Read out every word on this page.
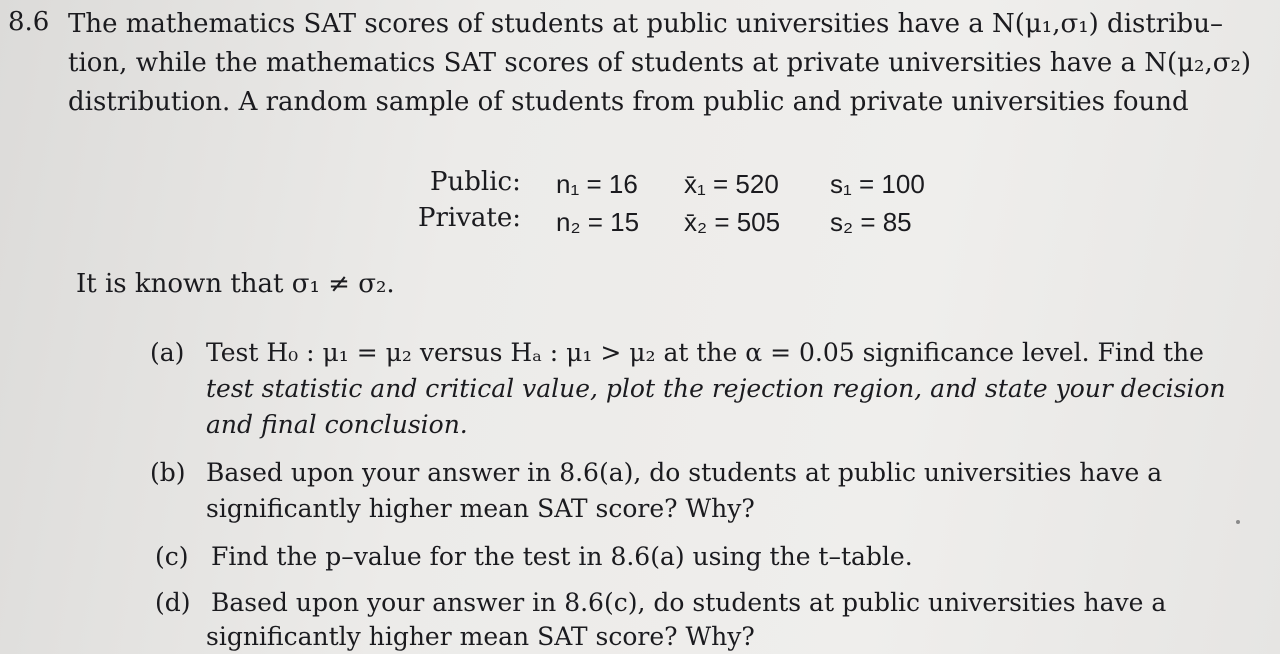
8.6 The mathematics SAT scores of students at public universities have a N(μ₁,σ₁) distribu–
tion, while the mathematics SAT scores of students at private universities have a N(μ₂,σ₂)
distribution. A random sample of students from public and private universities found
Public: n₁ = 16 x̄₁ = 520 s₁ = 100
Private: n₂ = 15 x̄₂ = 505 s₂ = 85
It is known that σ₁ ≠ σ₂.
(a) Test H₀ : μ₁ = μ₂ versus Hₐ : μ₁ > μ₂ at the α = 0.05 significance level. Find the
test statistic and critical value, plot the rejection region, and state your decision
and final conclusion.
(b) Based upon your answer in 8.6(a), do students at public universities have a
significantly higher mean SAT score? Why?
(c) Find the p–value for the test in 8.6(a) using the t–table.
(d) Based upon your answer in 8.6(c), do students at public universities have a
significantly higher mean SAT score? Why?
